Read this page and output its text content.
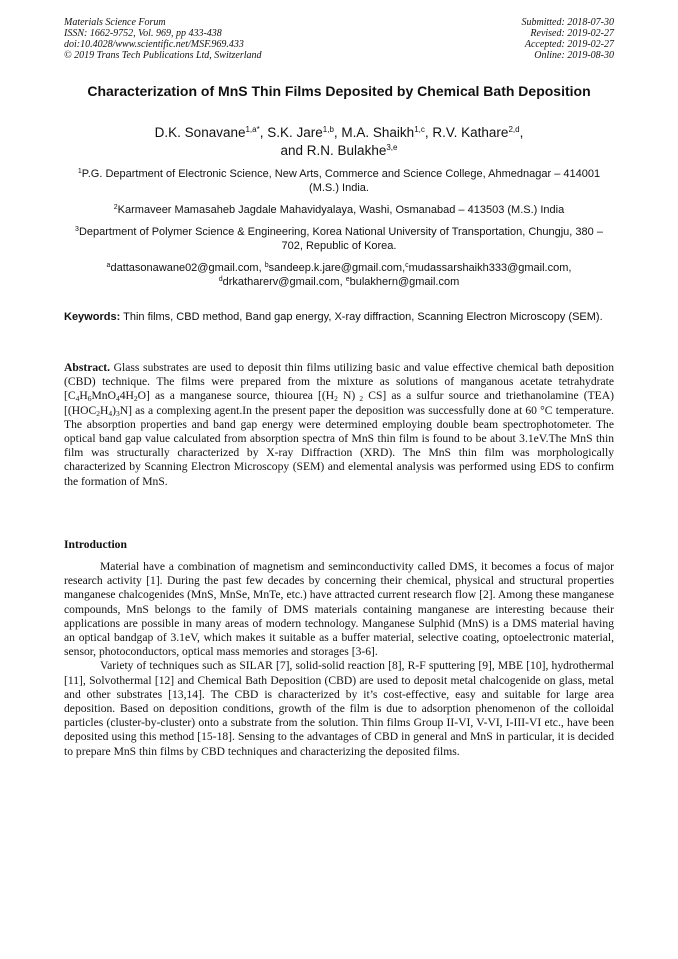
Materials Science Forum
ISSN: 1662-9752, Vol. 969, pp 433-438
doi:10.4028/www.scientific.net/MSF.969.433
© 2019 Trans Tech Publications Ltd, Switzerland
Submitted: 2018-07-30
Revised: 2019-02-27
Accepted: 2019-02-27
Online: 2019-08-30
Characterization of MnS Thin Films Deposited by Chemical Bath Deposition
D.K. Sonavane$^{1,a*}$, S.K. Jare$^{1,b}$, M.A. Shaikh$^{1,c}$, R.V. Kathare$^{2,d}$,
and R.N. Bulakhe$^{3,e}$
$^1$P.G. Department of Electronic Science, New Arts, Commerce and Science College, Ahmednagar – 414001 (M.S.) India.
$^2$Karmaveer Mamasaheb Jagdale Mahavidyalaya, Washi, Osmanabad – 413503 (M.S.) India
$^3$Department of Polymer Science & Engineering, Korea National University of Transportation, Chungju, 380 – 702, Republic of Korea.
$^a$dattasonawane02@gmail.com, $^b$sandeep.k.jare@gmail.com,$^c$mudassarshaikh333@gmail.com,
$^d$drkatharerv@gmail.com, $^e$bulakhern@gmail.com
Keywords: Thin films, CBD method, Band gap energy, X-ray diffraction, Scanning Electron Microscopy (SEM).
Abstract. Glass substrates are used to deposit thin films utilizing basic and value effective chemical bath deposition (CBD) technique. The films were prepared from the mixture as solutions of manganous acetate tetrahydrate $[C_4H_6MnO_44H_2O]$ as a manganese source, thiourea [($H_2$ N) $_2$ CS] as a sulfur source and triethanolamine (TEA) $[(HOC_2H_4)_3N]$ as a complexing agent.In the present paper the deposition was successfully done at 60 °C temperature. The absorption properties and band gap energy were determined employing double beam spectrophotometer. The optical band gap value calculated from absorption spectra of MnS thin film is found to be about 3.1eV.The MnS thin film was structurally characterized by X-ray Diffraction (XRD). The MnS thin film was morphologically characterized by Scanning Electron Microscopy (SEM) and elemental analysis was performed using EDS to confirm the formation of MnS.
Introduction

Material have a combination of magnetism and seminconductivity called DMS, it becomes a focus of major research activity [1]. During the past few decades by concerning their chemical, physical and structural properties manganese chalcogenides (MnS, MnSe, MnTe, etc.) have attracted current research flow [2]. Among these manganese compounds, MnS belongs to the family of DMS materials containing manganese are interesting because their applications are possible in many areas of modern technology. Manganese Sulphid (MnS) is a DMS material having an optical bandgap of 3.1eV, which makes it suitable as a buffer material, selective coating, optoelectronic material, sensor, photoconductors, optical mass memories and storages [3-6].

Variety of techniques such as SILAR [7], solid-solid reaction [8], R-F sputtering [9], MBE [10], hydrothermal [11], Solvothermal [12] and Chemical Bath Deposition (CBD) are used to deposit metal chalcogenide on glass, metal and other substrates [13,14]. The CBD is characterized by it’s cost-effective, easy and suitable for large area deposition. Based on deposition conditions, growth of the film is due to adsorption phenomenon of the colloidal particles (cluster-by-cluster) onto a substrate from the solution. Thin films Group II-VI, V-VI, I-III-VI etc., have been deposited using this method [15-18]. Sensing to the advantages of CBD in general and MnS in particular, it is decided to prepare MnS thin films by CBD techniques and characterizing the deposited films.
